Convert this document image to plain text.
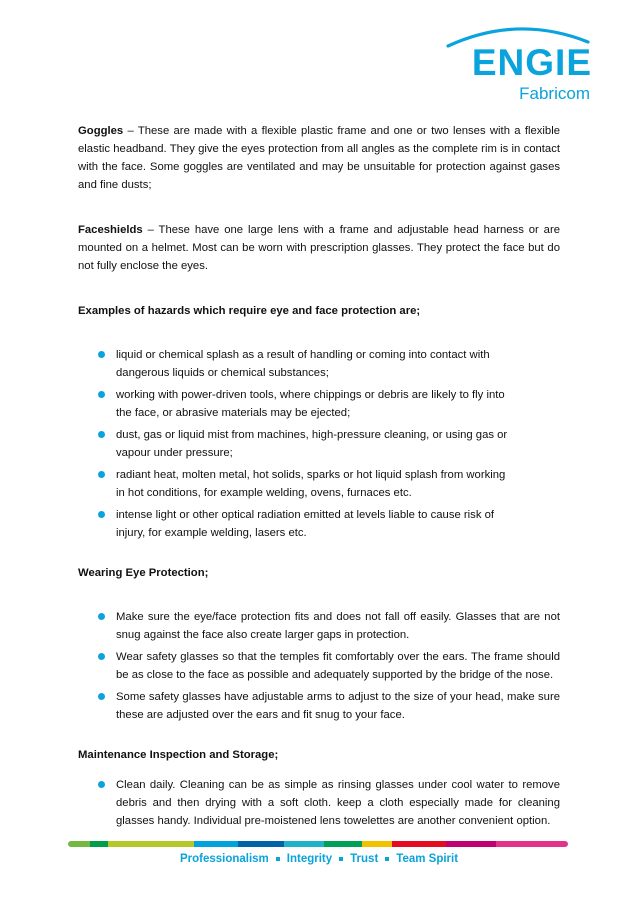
ENGIE
Fabricom

Goggles – These are made with a flexible plastic frame and one or two lenses with a flexible elastic headband. They give the eyes protection from all angles as the complete rim is in contact with the face. Some goggles are ventilated and may be unsuitable for protection against gases and fine dusts;

Faceshields – These have one large lens with a frame and adjustable head harness or are mounted on a helmet. Most can be worn with prescription glasses. They protect the face but do not fully enclose the eyes.

Examples of hazards which require eye and face protection are;
liquid or chemical splash as a result of handling or coming into contact with dangerous liquids or chemical substances;
working with power-driven tools, where chippings or debris are likely to fly into the face, or abrasive materials may be ejected;
dust, gas or liquid mist from machines, high-pressure cleaning, or using gas or vapour under pressure;
radiant heat, molten metal, hot solids, sparks or hot liquid splash from working in hot conditions, for example welding, ovens, furnaces etc.
intense light or other optical radiation emitted at levels liable to cause risk of injury, for example welding, lasers etc.
Wearing Eye Protection;
Make sure the eye/face protection fits and does not fall off easily. Glasses that are not snug against the face also create larger gaps in protection.
Wear safety glasses so that the temples fit comfortably over the ears. The frame should be as close to the face as possible and adequately supported by the bridge of the nose.
Some safety glasses have adjustable arms to adjust to the size of your head, make sure these are adjusted over the ears and fit snug to your face.
Maintenance Inspection and Storage;
Clean daily. Cleaning can be as simple as rinsing glasses under cool water to remove debris and then drying with a soft cloth. keep a cloth especially made for cleaning glasses handy. Individual pre-moistened lens towelettes are another convenient option.
Professionalism Integrity Trust Team Spirit
